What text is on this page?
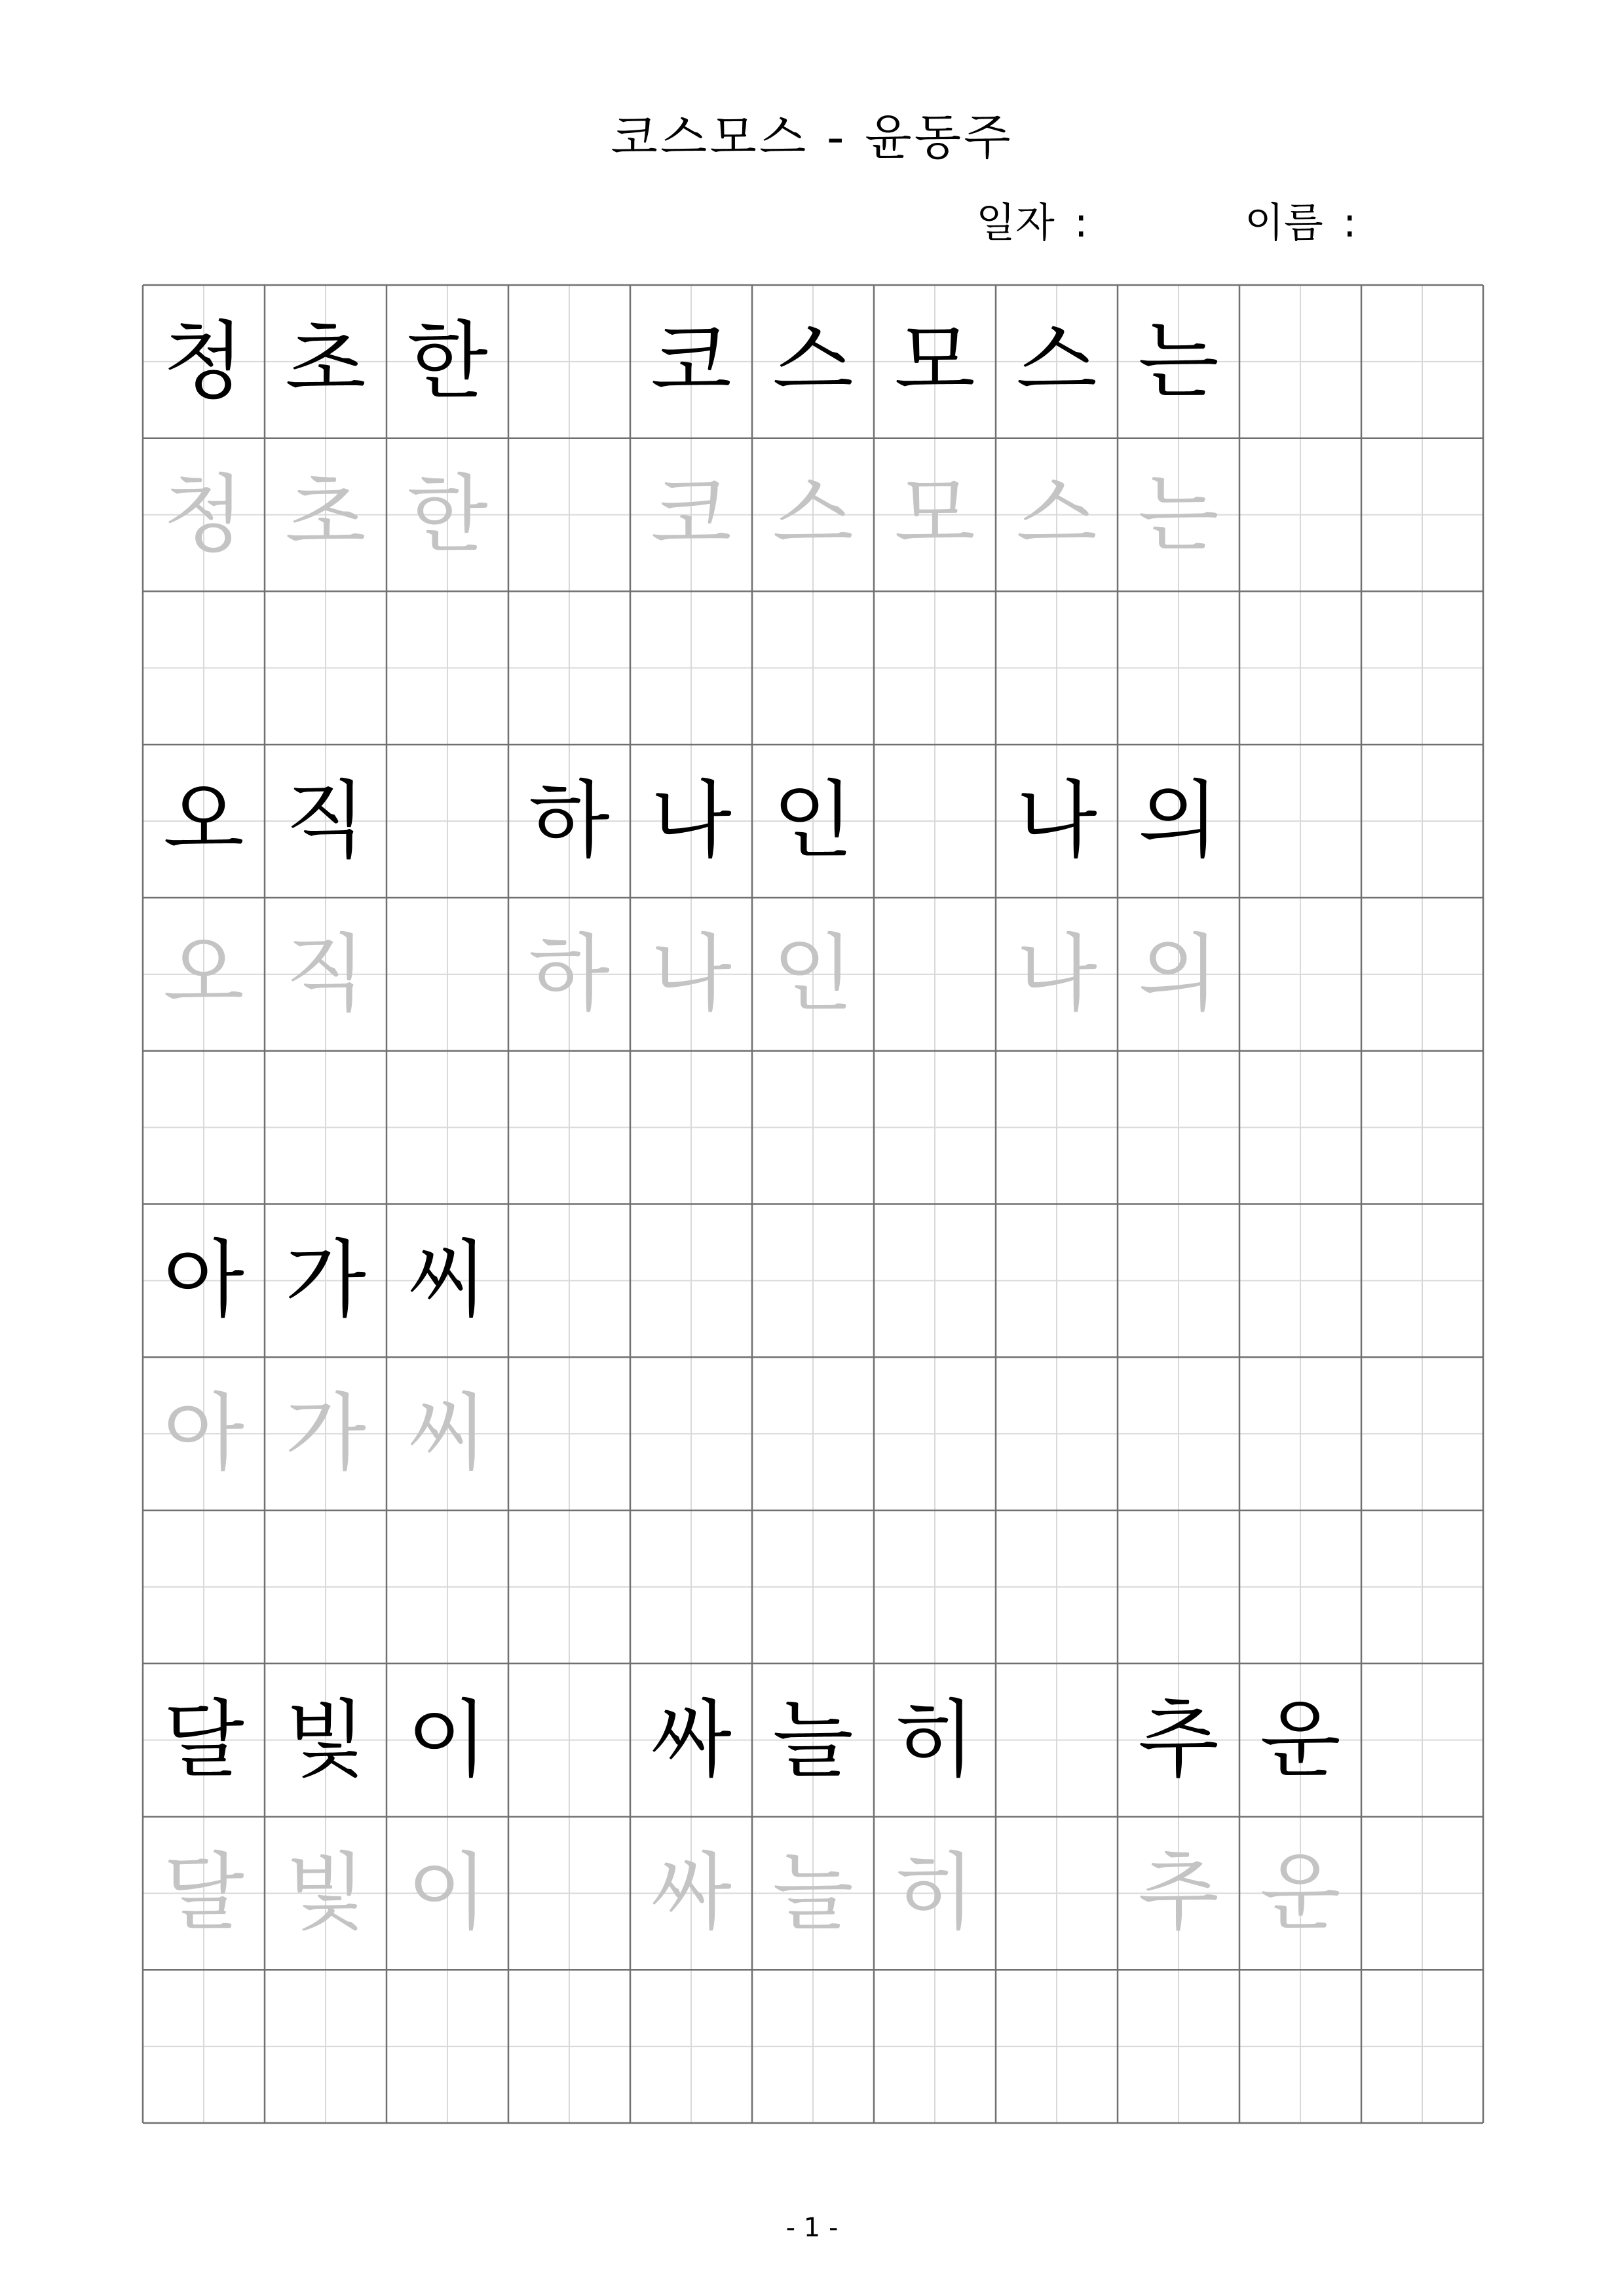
코스모스 - 윤동주
일자 :	이름 :
청
청
초
초
한
한
코
코
스
스
모
모
스
스
는
는
오
오
직
직
하
하
나
나
인
인
나
나
의
의
아
아
가
가
씨
씨
달
달
빛
빛
이
이
싸
싸
늘
늘
히
히
추
추
운
운
- 1 -
